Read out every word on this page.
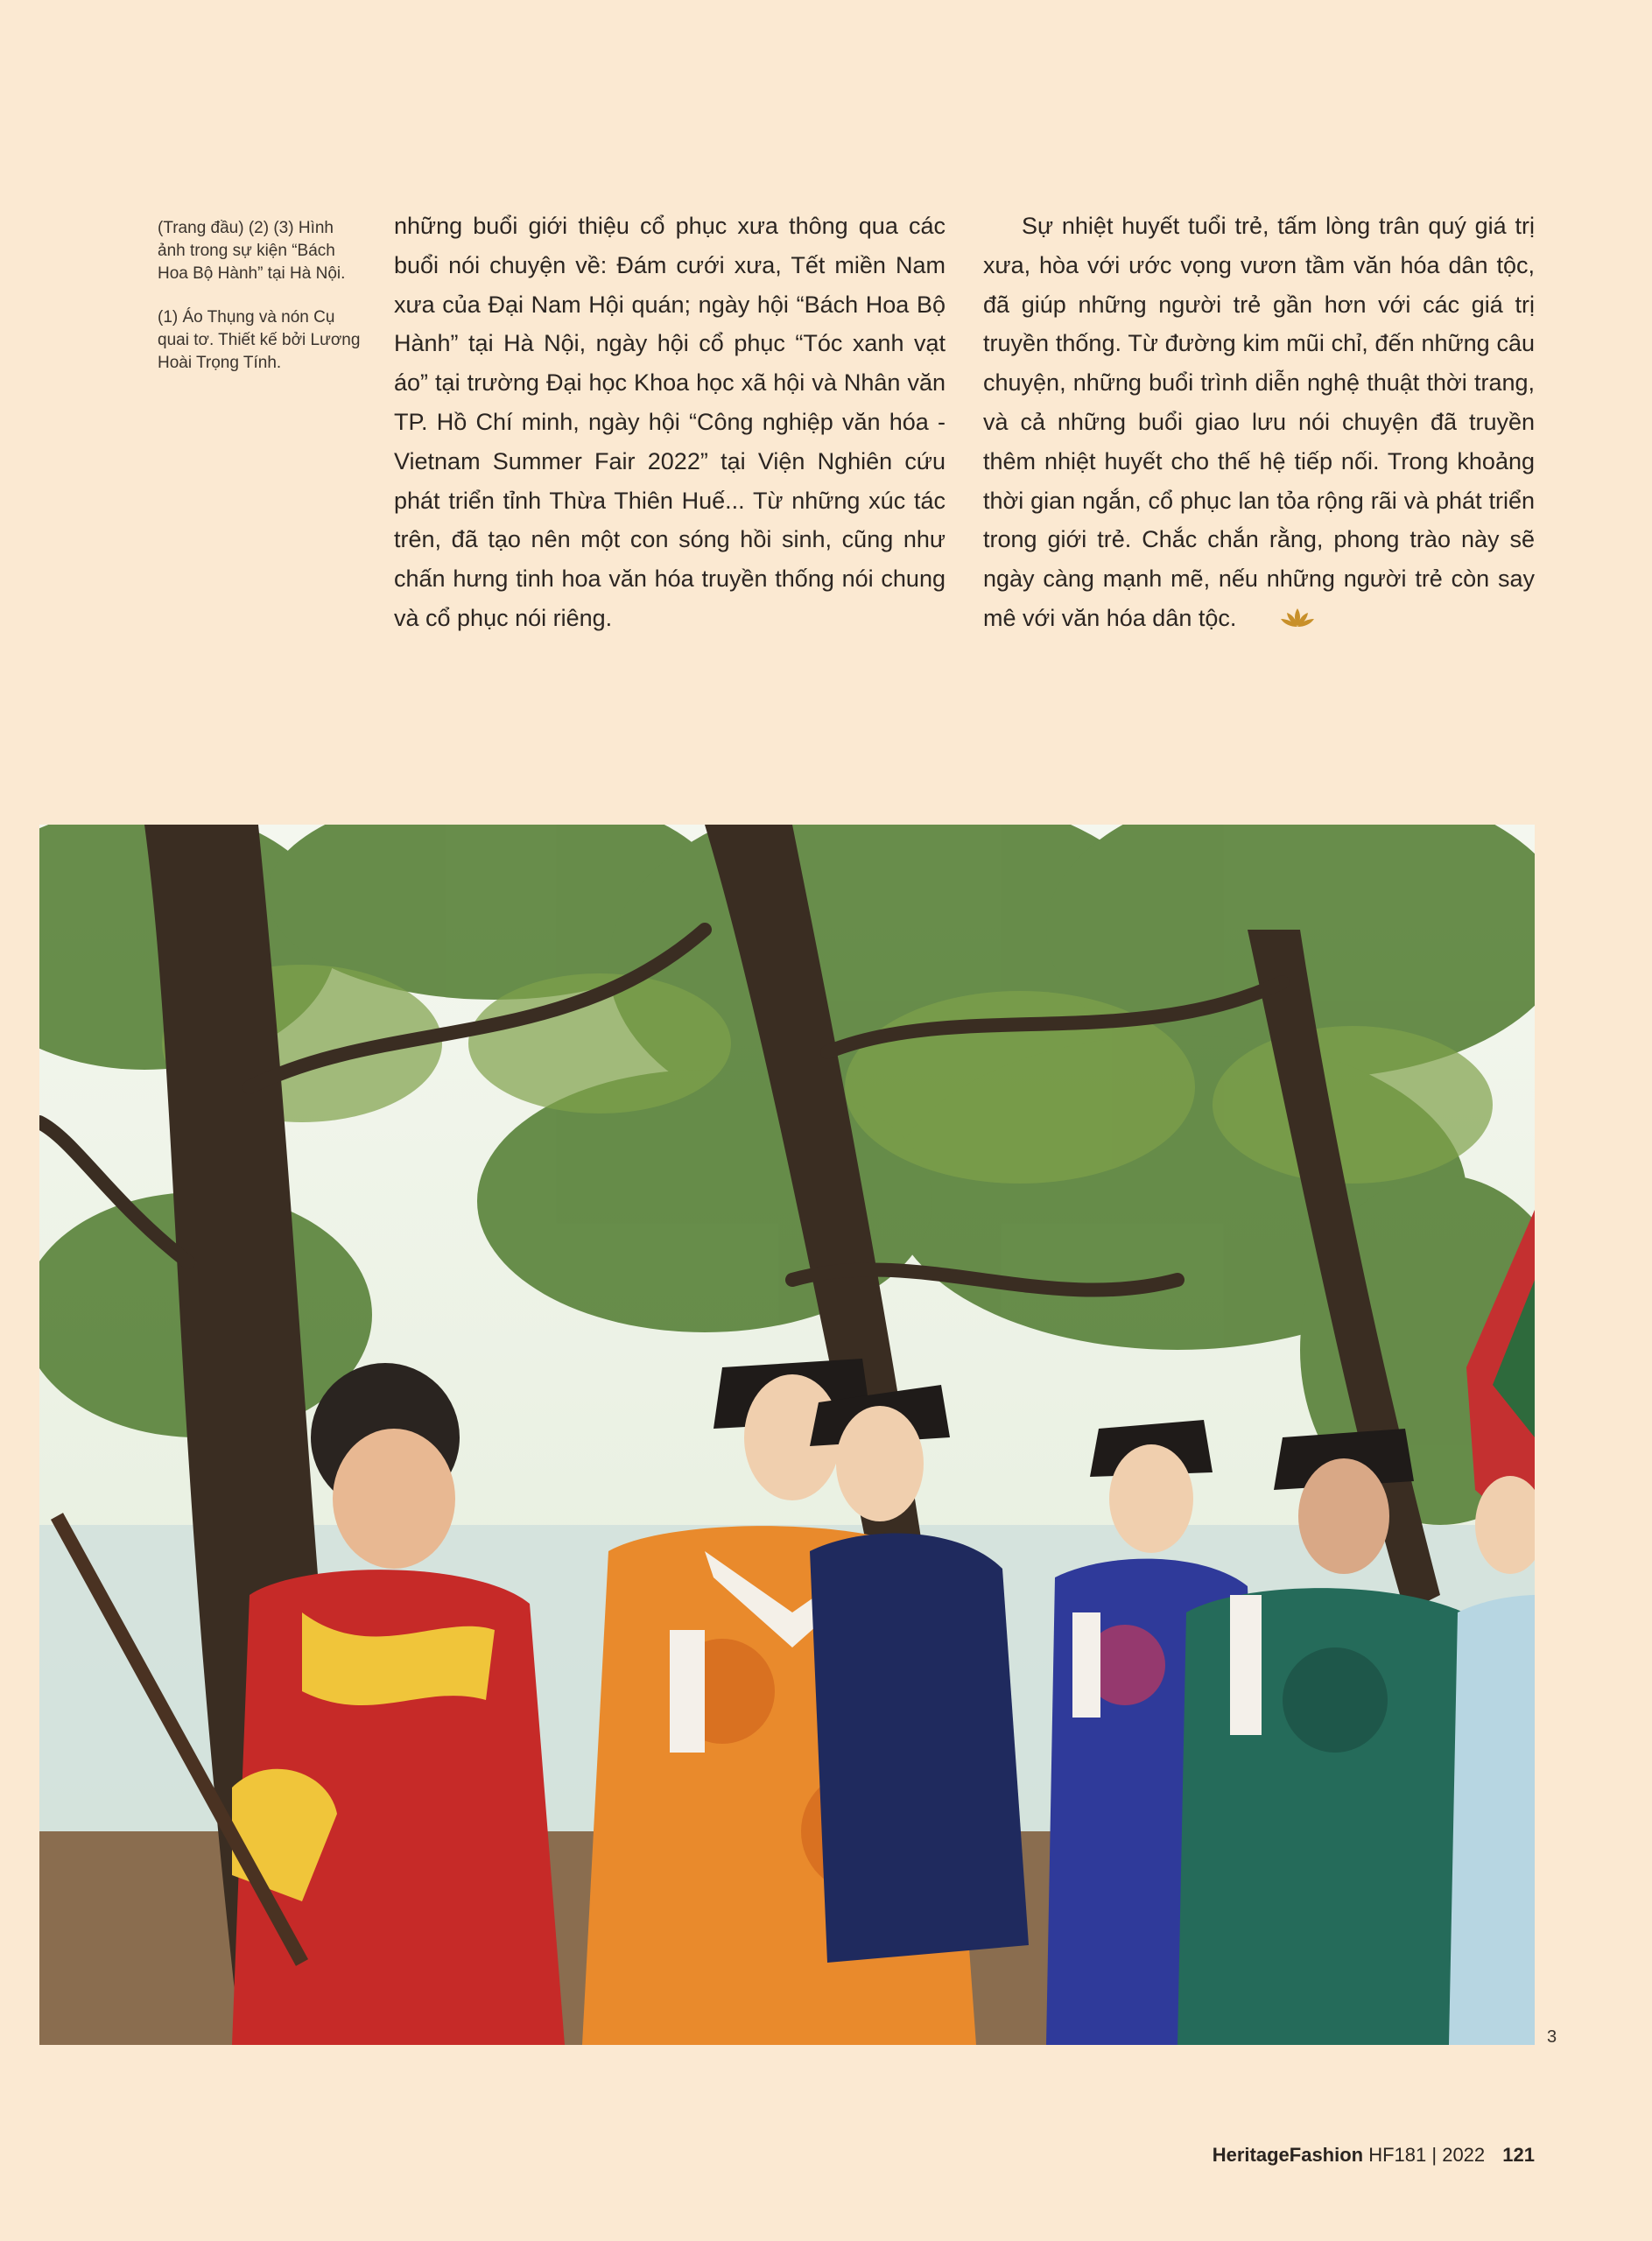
(Trang đầu) (2) (3) Hình ảnh trong sự kiện “Bách Hoa Bộ Hành” tại Hà Nội.

(1) Áo Thụng và nón Cụ quai tơ. Thiết kế bởi Lương Hoài Trọng Tính.

những buổi giới thiệu cổ phục xưa thông qua các buổi nói chuyện về: Đám cưới xưa, Tết miền Nam xưa của Đại Nam Hội quán; ngày hội “Bách Hoa Bộ Hành” tại Hà Nội, ngày hội cổ phục “Tóc xanh vạt áo” tại trường Đại học Khoa học xã hội và Nhân văn TP. Hồ Chí minh, ngày hội “Công nghiệp văn hóa - Vietnam Summer Fair 2022” tại Viện Nghiên cứu phát triển tỉnh Thừa Thiên Huế... Từ những xúc tác trên, đã tạo nên một con sóng hồi sinh, cũng như chấn hưng tinh hoa văn hóa truyền thống nói chung và cổ phục nói riêng.

Sự nhiệt huyết tuổi trẻ, tấm lòng trân quý giá trị xưa, hòa với ước vọng vươn tầm văn hóa dân tộc, đã giúp những người trẻ gần hơn với các giá trị truyền thống. Từ đường kim mũi chỉ, đến những câu chuyện, những buổi trình diễn nghệ thuật thời trang, và cả những buổi giao lưu nói chuyện đã truyền thêm nhiệt huyết cho thế hệ tiếp nối. Trong khoảng thời gian ngắn, cổ phục lan tỏa rộng rãi và phát triển trong giới trẻ. Chắc chắn rằng, phong trào này sẽ ngày càng mạnh mẽ, nếu những người trẻ còn say mê với văn hóa dân tộc.

3
HeritageFashion HF181 | 2022 121
